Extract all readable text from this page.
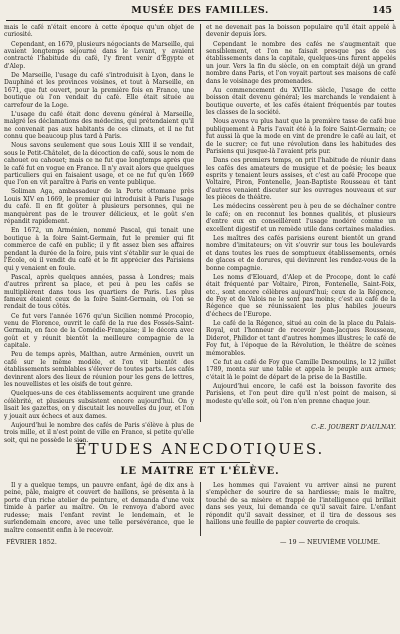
MUSÉE DES FAMILLES.	145

mais le café n'était encore à cette époque qu'un objet de curiosité.

Cependant, en 1679, plusieurs négociants de Marseille, qui avaient longtemps séjourné dans le Levant, y avaient contracté l'habitude du café, l'y firent venir d'Égypte et d'Alep.

De Marseille, l'usage du café s'introduisit à Lyon, dans le Dauphiné et les provinces voisines, et tout à Marseille, en 1671, que fut ouvert, pour la première fois en France, une boutique où l'on vendait du café. Elle était située au carrefour de la Loge.

L'usage du café était donc devenu général à Marseille, malgré les déclamations des médecins, qui prétendaient qu'il ne convenait pas aux habitants de ces climats, et il ne fut connu que beaucoup plus tard à Paris.

Nous savons seulement que sous Louis XIII il se vendait, sous le Petit-Châtelet, de la décoction de café, sous le nom de cahouet ou cahouet; mais ce ne fut que longtemps après que le café fut en vogue en France. Il n'y avait alors que quelques particuliers qui en faisaient usage, et ce ne fut qu'en 1669 que l'on en vit paraître à Paris en vente publique.

Soliman Aga, ambassadeur de la Porte ottomane près Louis XIV en 1669, le premier qui introduisit à Paris l'usage du café. Il en fit goûter à plusieurs personnes, qui ne manquèrent pas de le trouver délicieux, et le goût s'en répandit rapidement.

En 1672, un Arménien, nommé Pascal, qui tenait une boutique à la foire Saint-Germain, fut le premier qui fit commerce de café en public; il y fit assez bien ses affaires pendant la durée de la foire, puis vint s'établir sur le quai de l'École, où il vendit du café et le fit apprécier des Parisiens qui y venaient en foule.

Pascal, après quelques années, passa à Londres; mais d'autres prirent sa place, et peu à peu les cafés se multiplièrent dans tous les quartiers de Paris. Les plus fameux étaient ceux de la foire Saint-Germain, où l'on se rendait de tous côtés.

Ce fut vers l'année 1676 qu'un Sicilien nommé Procopio, venu de Florence, ouvrit le café de la rue des Fossés-Saint-Germain, en face de la Comédie-Française; il le décora avec goût et y réunit bientôt la meilleure compagnie de la capitale.

Peu de temps après, Malthan, autre Arménien, ouvrit un café sur le même modèle, et l'on vit bientôt des établissements semblables s'élever de toutes parts. Les cafés devinrent alors des lieux de réunion pour les gens de lettres, les nouvellistes et les oisifs de tout genre.

Quelques-uns de ces établissements acquirent une grande célébrité, et plusieurs subsistent encore aujourd'hui. On y lisait les gazettes, on y discutait les nouvelles du jour, et l'on y jouait aux échecs et aux dames.

Aujourd'hui le nombre des cafés de Paris s'élève à plus de trois mille, et il n'est point de ville en France, si petite qu'elle soit, qui ne possède le sien.

et ne devenait pas la boisson populaire qu'il était appelé à devenir depuis lors.

Cependant le nombre des cafés ne s'augmentait que sensiblement, et l'on ne faisait presque pas de ces établissements dans la capitale, quelques-uns furent appelés un jour. Vers la fin du siècle, on en comptait déjà un grand nombre dans Paris, et l'on voyait partout ses maisons de café dans le voisinage des promenades.

Au commencement du XVIIIe siècle, l'usage de cette boisson était devenu général; les marchands le vendaient à boutique ouverte, et les cafés étaient fréquentés par toutes les classes de la société.

Nous avons vu plus haut que la première tasse de café bue publiquement à Paris l'avait été à la foire Saint-Germain; ce fut aussi là que la mode en vint de prendre le café au lait, et de le sucrer; ce fut une révolution dans les habitudes des Parisiens qui jusque-là l'avaient pris pur.

Dans ces premiers temps, on prit l'habitude de réunir dans les cafés des amateurs de musique et de poésie; les beaux esprits y tenaient leurs assises, et c'est au café Procope que Voltaire, Piron, Fontenelle, Jean-Baptiste Rousseau et tant d'autres venaient discuter sur les ouvrages nouveaux et sur les pièces de théâtre.

Les médecins cessèrent peu à peu de se déchaîner contre le café; on en reconnut les bonnes qualités, et plusieurs d'entre eux en conseillèrent l'usage modéré comme un excellent digestif et un remède utile dans certaines maladies.

Les maîtres des cafés parisiens eurent bientôt un grand nombre d'imitateurs; on vit s'ouvrir sur tous les boulevards et dans toutes les rues de somptueux établissements, ornés de glaces et de dorures, qui devinrent les rendez-vous de la bonne compagnie.

Les noms d'Elouard, d'Alep et de Procope, dont le café était fréquenté par Voltaire, Piron, Fontenelle, Saint-Foix, etc., sont encore célèbres aujourd'hui; ceux de la Régence, de Foy et de Valois ne le sont pas moins; c'est au café de la Régence que se réunissaient les plus habiles joueurs d'échecs de l'Europe.

Le café de la Régence, situé au coin de la place du Palais-Royal, eut l'honneur de recevoir Jean-Jacques Rousseau, Diderot, Philidor et tant d'autres hommes illustres; le café de Foy fut, à l'époque de la Révolution, le théâtre de scènes mémorables.

Ce fut au café de Foy que Camille Desmoulins, le 12 juillet 1789, monta sur une table et appela le peuple aux armes; c'était là le point de départ de la prise de la Bastille.

Aujourd'hui encore, le café est la boisson favorite des Parisiens, et l'on peut dire qu'il n'est point de maison, si modeste qu'elle soit, où l'on n'en prenne chaque jour.

C.-E. JOUBERT D'AULNAY.
ÉTUDES ANECDOTIQUES.
LE MAITRE ET L'ÉLÈVE.

Il y a quelque temps, un pauvre enfant, âgé de dix ans à peine, pâle, maigre et couvert de haillons, se présenta à la porte d'un riche atelier de peinture, et demanda d'une voix timide à parler au maître. On le renvoya d'abord avec rudesse; mais l'enfant revint le lendemain, et le surlendemain encore, avec une telle persévérance, que le maître consentit enfin à le recevoir.

Les hommes qui l'avaient vu arriver ainsi ne purent s'empêcher de sourire de sa hardiesse; mais le maître, touché de sa misère et frappé de l'intelligence qui brillait dans ses yeux, lui demanda ce qu'il savait faire. L'enfant répondit qu'il savait dessiner, et il tira de dessous ses haillons une feuille de papier couverte de croquis.

FÉVRIER 1852.	— 19 — NEUVIÈME VOLUME.
